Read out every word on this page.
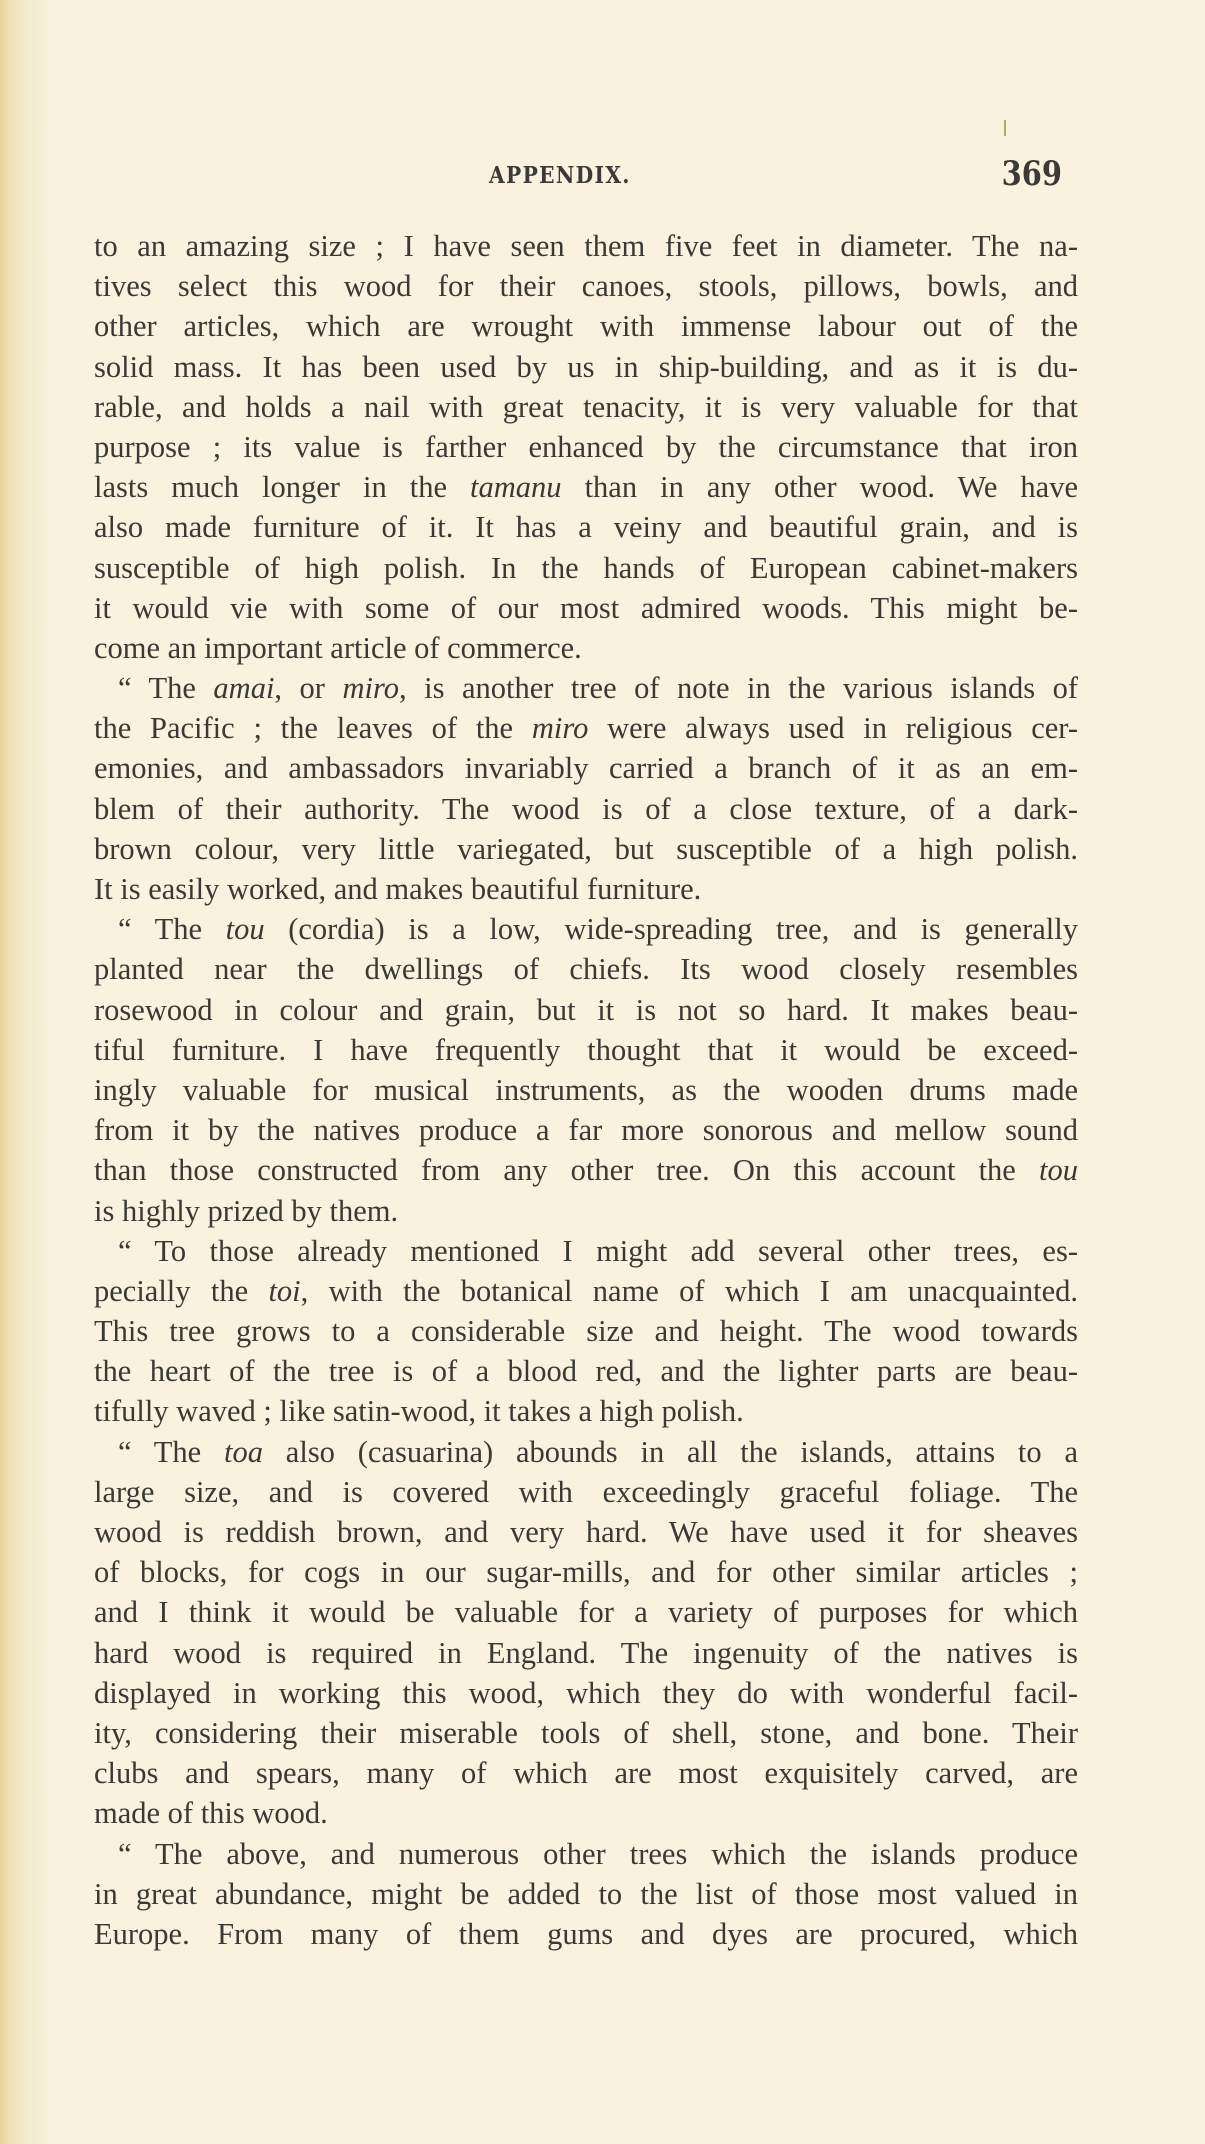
APPENDIX.	369
to an amazing size ; I have seen them five feet in diameter. The na-
tives select this wood for their canoes, stools, pillows, bowls, and
other articles, which are wrought with immense labour out of the
solid mass. It has been used by us in ship-building, and as it is du-
rable, and holds a nail with great tenacity, it is very valuable for that
purpose ; its value is farther enhanced by the circumstance that iron
lasts much longer in the tamanu than in any other wood. We have
also made furniture of it. It has a veiny and beautiful grain, and is
susceptible of high polish. In the hands of European cabinet-makers
it would vie with some of our most admired woods. This might be-
come an important article of commerce.
“ The amai, or miro, is another tree of note in the various islands of
the Pacific ; the leaves of the miro were always used in religious cer-
emonies, and ambassadors invariably carried a branch of it as an em-
blem of their authority. The wood is of a close texture, of a dark-
brown colour, very little variegated, but susceptible of a high polish.
It is easily worked, and makes beautiful furniture.
“ The tou (cordia) is a low, wide-spreading tree, and is generally
planted near the dwellings of chiefs. Its wood closely resembles
rosewood in colour and grain, but it is not so hard. It makes beau-
tiful furniture. I have frequently thought that it would be exceed-
ingly valuable for musical instruments, as the wooden drums made
from it by the natives produce a far more sonorous and mellow sound
than those constructed from any other tree. On this account the tou
is highly prized by them.
“ To those already mentioned I might add several other trees, es-
pecially the toi, with the botanical name of which I am unacquainted.
This tree grows to a considerable size and height. The wood towards
the heart of the tree is of a blood red, and the lighter parts are beau-
tifully waved ; like satin-wood, it takes a high polish.
“ The toa also (casuarina) abounds in all the islands, attains to a
large size, and is covered with exceedingly graceful foliage. The
wood is reddish brown, and very hard. We have used it for sheaves
of blocks, for cogs in our sugar-mills, and for other similar articles ;
and I think it would be valuable for a variety of purposes for which
hard wood is required in England. The ingenuity of the natives is
displayed in working this wood, which they do with wonderful facil-
ity, considering their miserable tools of shell, stone, and bone. Their
clubs and spears, many of which are most exquisitely carved, are
made of this wood.
“ The above, and numerous other trees which the islands produce
in great abundance, might be added to the list of those most valued in
Europe. From many of them gums and dyes are procured, which
